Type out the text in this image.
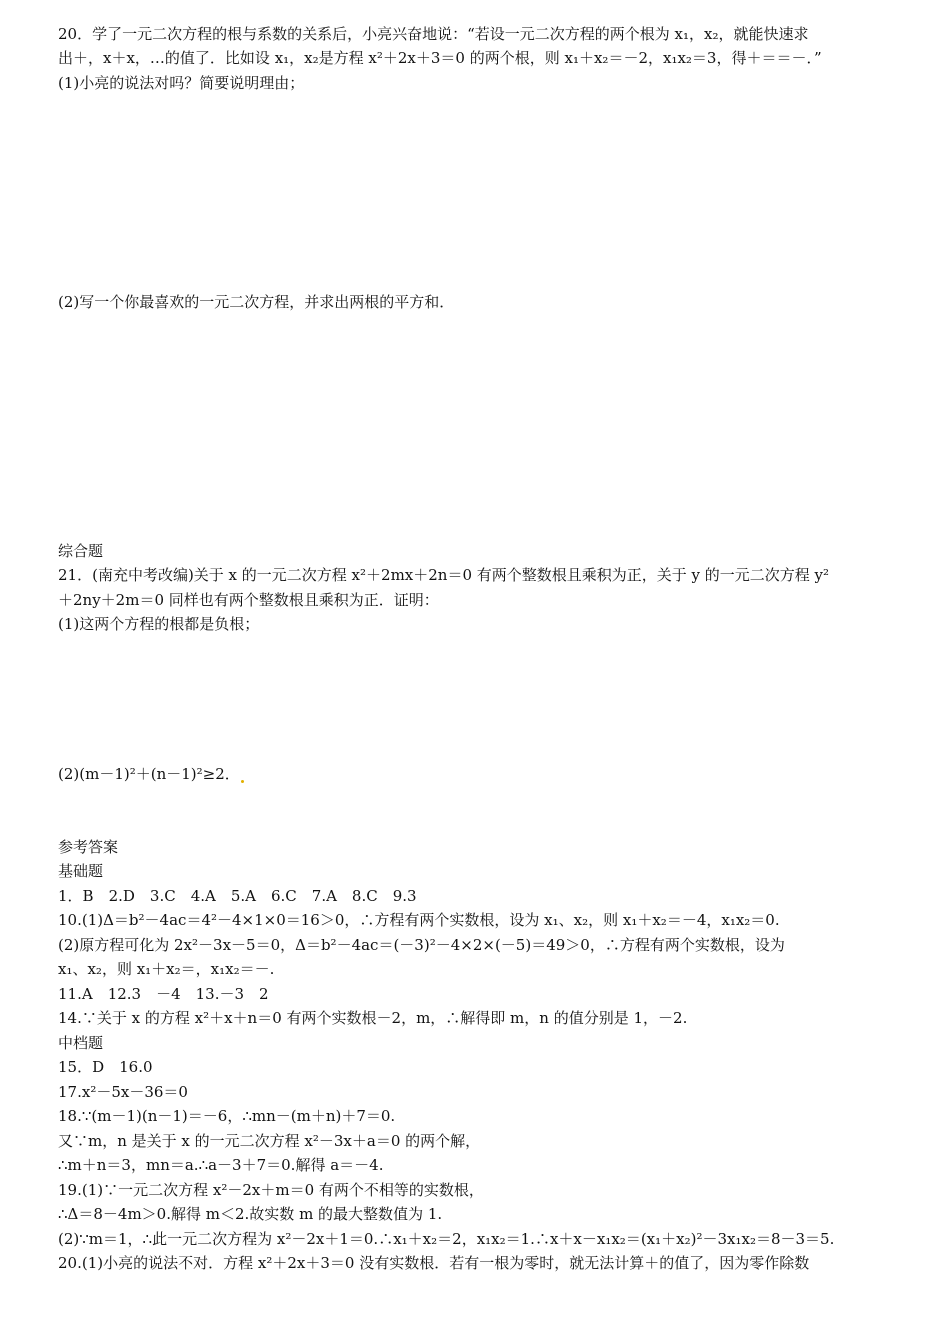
20．学了一元二次方程的根与系数的关系后，小亮兴奋地说：“若设一元二次方程的两个根为 x₁，x₂，就能快速求
出＋，x＋x，…的值了．比如设 x₁，x₂是方程 x²＋2x＋3＝0 的两个根，则 x₁＋x₂＝－2，x₁x₂＝3，得＋＝＝－．”
(1)小亮的说法对吗？简要说明理由；
(2)写一个你最喜欢的一元二次方程，并求出两根的平方和．
综合题
21．(南充中考改编)关于 x 的一元二次方程 x²＋2mx＋2n＝0 有两个整数根且乘积为正，关于 y 的一元二次方程 y²
＋2ny＋2m＝0 同样也有两个整数根且乘积为正．证明：
(1)这两个方程的根都是负根；
(2)(m－1)²＋(n－1)²≥2．
参考答案
基础题
1．B　2.D　3.C　4.A　5.A　6.C　7.A　8.C　9.3
10.(1)Δ＝b²－4ac＝4²－4×1×0＝16＞0，∴方程有两个实数根，设为 x₁、x₂，则 x₁＋x₂＝－4，x₁x₂＝0.
(2)原方程可化为 2x²－3x－5＝0，Δ＝b²－4ac＝(－3)²－4×2×(－5)＝49＞0，∴方程有两个实数根，设为
x₁、x₂，则 x₁＋x₂＝，x₁x₂＝－.
11.A　12.3　－4　13.－3　2
14.∵关于 x 的方程 x²＋x＋n＝0 有两个实数根－2，m，∴解得即 m，n 的值分别是 1，－2.
中档题
15．D　16.0
17.x²－5x－36＝0
18.∵(m－1)(n－1)＝－6，∴mn－(m＋n)＋7＝0.
又∵m，n 是关于 x 的一元二次方程 x²－3x＋a＝0 的两个解，
∴m＋n＝3，mn＝a.∴a－3＋7＝0.解得 a＝－4.
19.(1)∵一元二次方程 x²－2x＋m＝0 有两个不相等的实数根，
∴Δ＝8－4m＞0.解得 m＜2.故实数 m 的最大整数值为 1.
(2)∵m＝1，∴此一元二次方程为 x²－2x＋1＝0.∴x₁＋x₂＝2，x₁x₂＝1.∴x＋x－x₁x₂＝(x₁＋x₂)²－3x₁x₂＝8－3＝5.
20.(1)小亮的说法不对．方程 x²＋2x＋3＝0 没有实数根．若有一根为零时，就无法计算＋的值了，因为零作除数
